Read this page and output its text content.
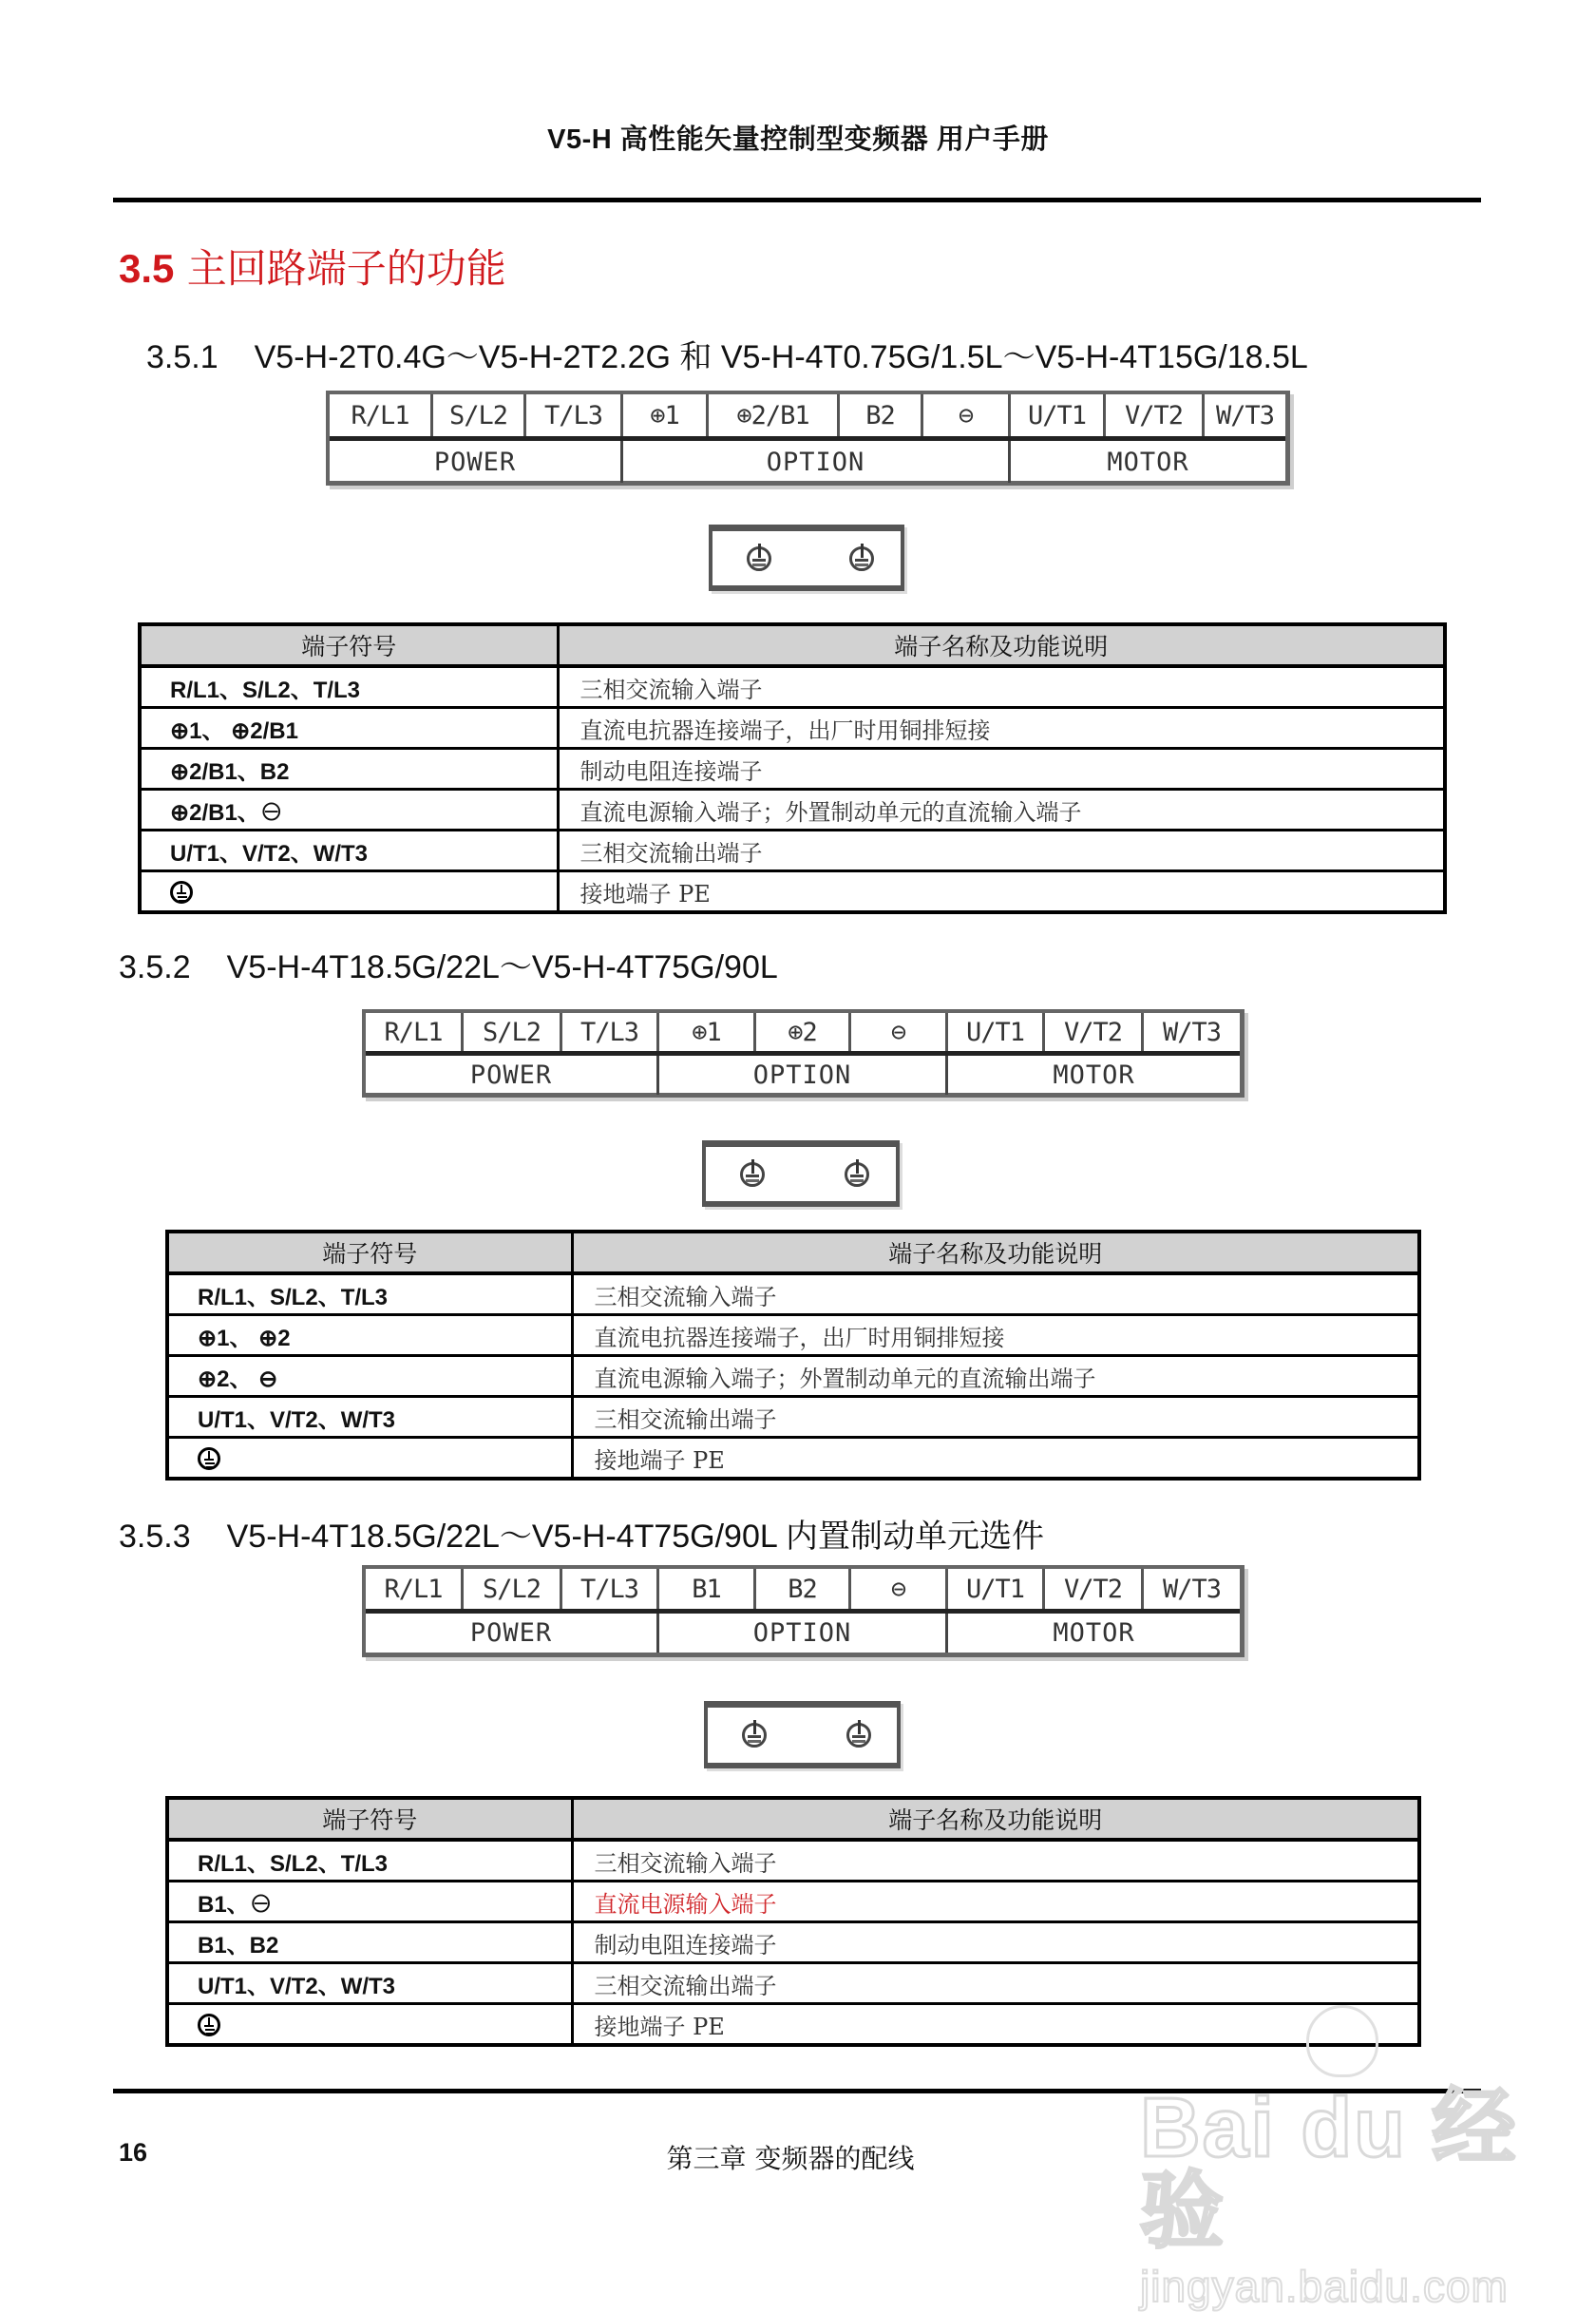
V5-H 高性能矢量控制型变频器 用户手册
3.5 主回路端子的功能
3.5.1 V5-H-2T0.4G～V5-H-2T2.2G 和 V5-H-4T0.75G/1.5L～V5-H-4T15G/18.5L
R/L1	S/L2	T/L3	⊕1	⊕2/B1	B2	⊖	U/T1	V/T2	W/T3
POWER	OPTION	MOTOR
端子符号	端子名称及功能说明
R/L1、S/L2、T/L3	三相交流输入端子
⊕1、 ⊕2/B1	直流电抗器连接端子，出厂时用铜排短接
⊕2/B1、B2	制动电阻连接端子
⊕2/B1、⊖	直流电源输入端子；外置制动单元的直流输入端子
U/T1、V/T2、W/T3	三相交流输出端子
	接地端子 PE
3.5.2 V5-H-4T18.5G/22L～V5-H-4T75G/90L
R/L1	S/L2	T/L3	⊕1	⊕2	⊖	U/T1	V/T2	W/T3
POWER	OPTION	MOTOR
端子符号	端子名称及功能说明
R/L1、S/L2、T/L3	三相交流输入端子
⊕1、 ⊕2	直流电抗器连接端子，出厂时用铜排短接
⊕2、 ⊖	直流电源输入端子；外置制动单元的直流输出端子
U/T1、V/T2、W/T3	三相交流输出端子
	接地端子 PE
3.5.3 V5-H-4T18.5G/22L～V5-H-4T75G/90L 内置制动单元选件
R/L1	S/L2	T/L3	B1	B2	⊖	U/T1	V/T2	W/T3
POWER	OPTION	MOTOR
端子符号	端子名称及功能说明
R/L1、S/L2、T/L3	三相交流输入端子
B1、⊖	直流电源输入端子
B1、B2	制动电阻连接端子
U/T1、V/T2、W/T3	三相交流输出端子
	接地端子 PE
16	第三章 变频器的配线	Bai du 经验
jingyan.baidu.com
